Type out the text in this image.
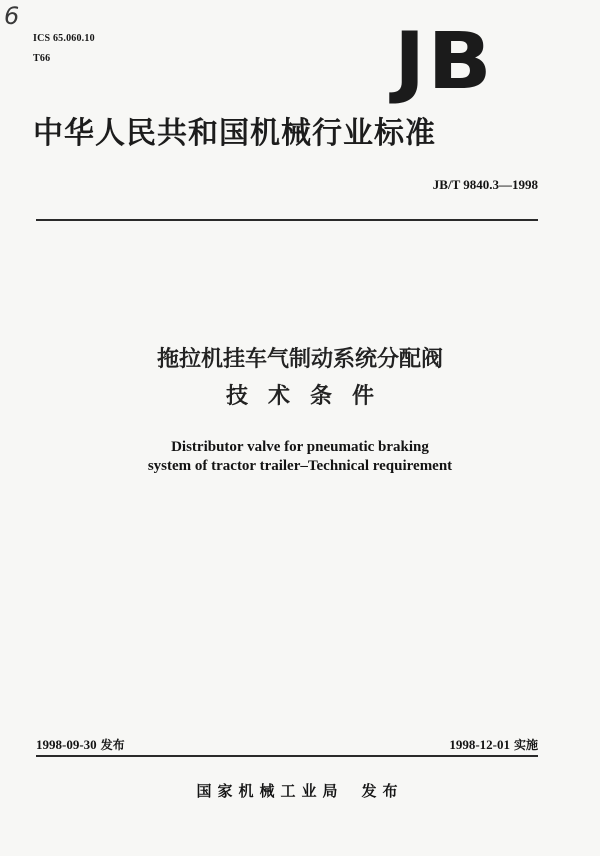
6
ICS 65.060.10
T66	JB
中华人民共和国机械行业标准
JB/T 9840.3—1998
拖拉机挂车气制动系统分配阀
技术条件
Distributor valve for pneumatic braking
system of tractor trailer–Technical requirement
1998-09-30 发布	1998-12-01 实施
国家机械工业局 发布
